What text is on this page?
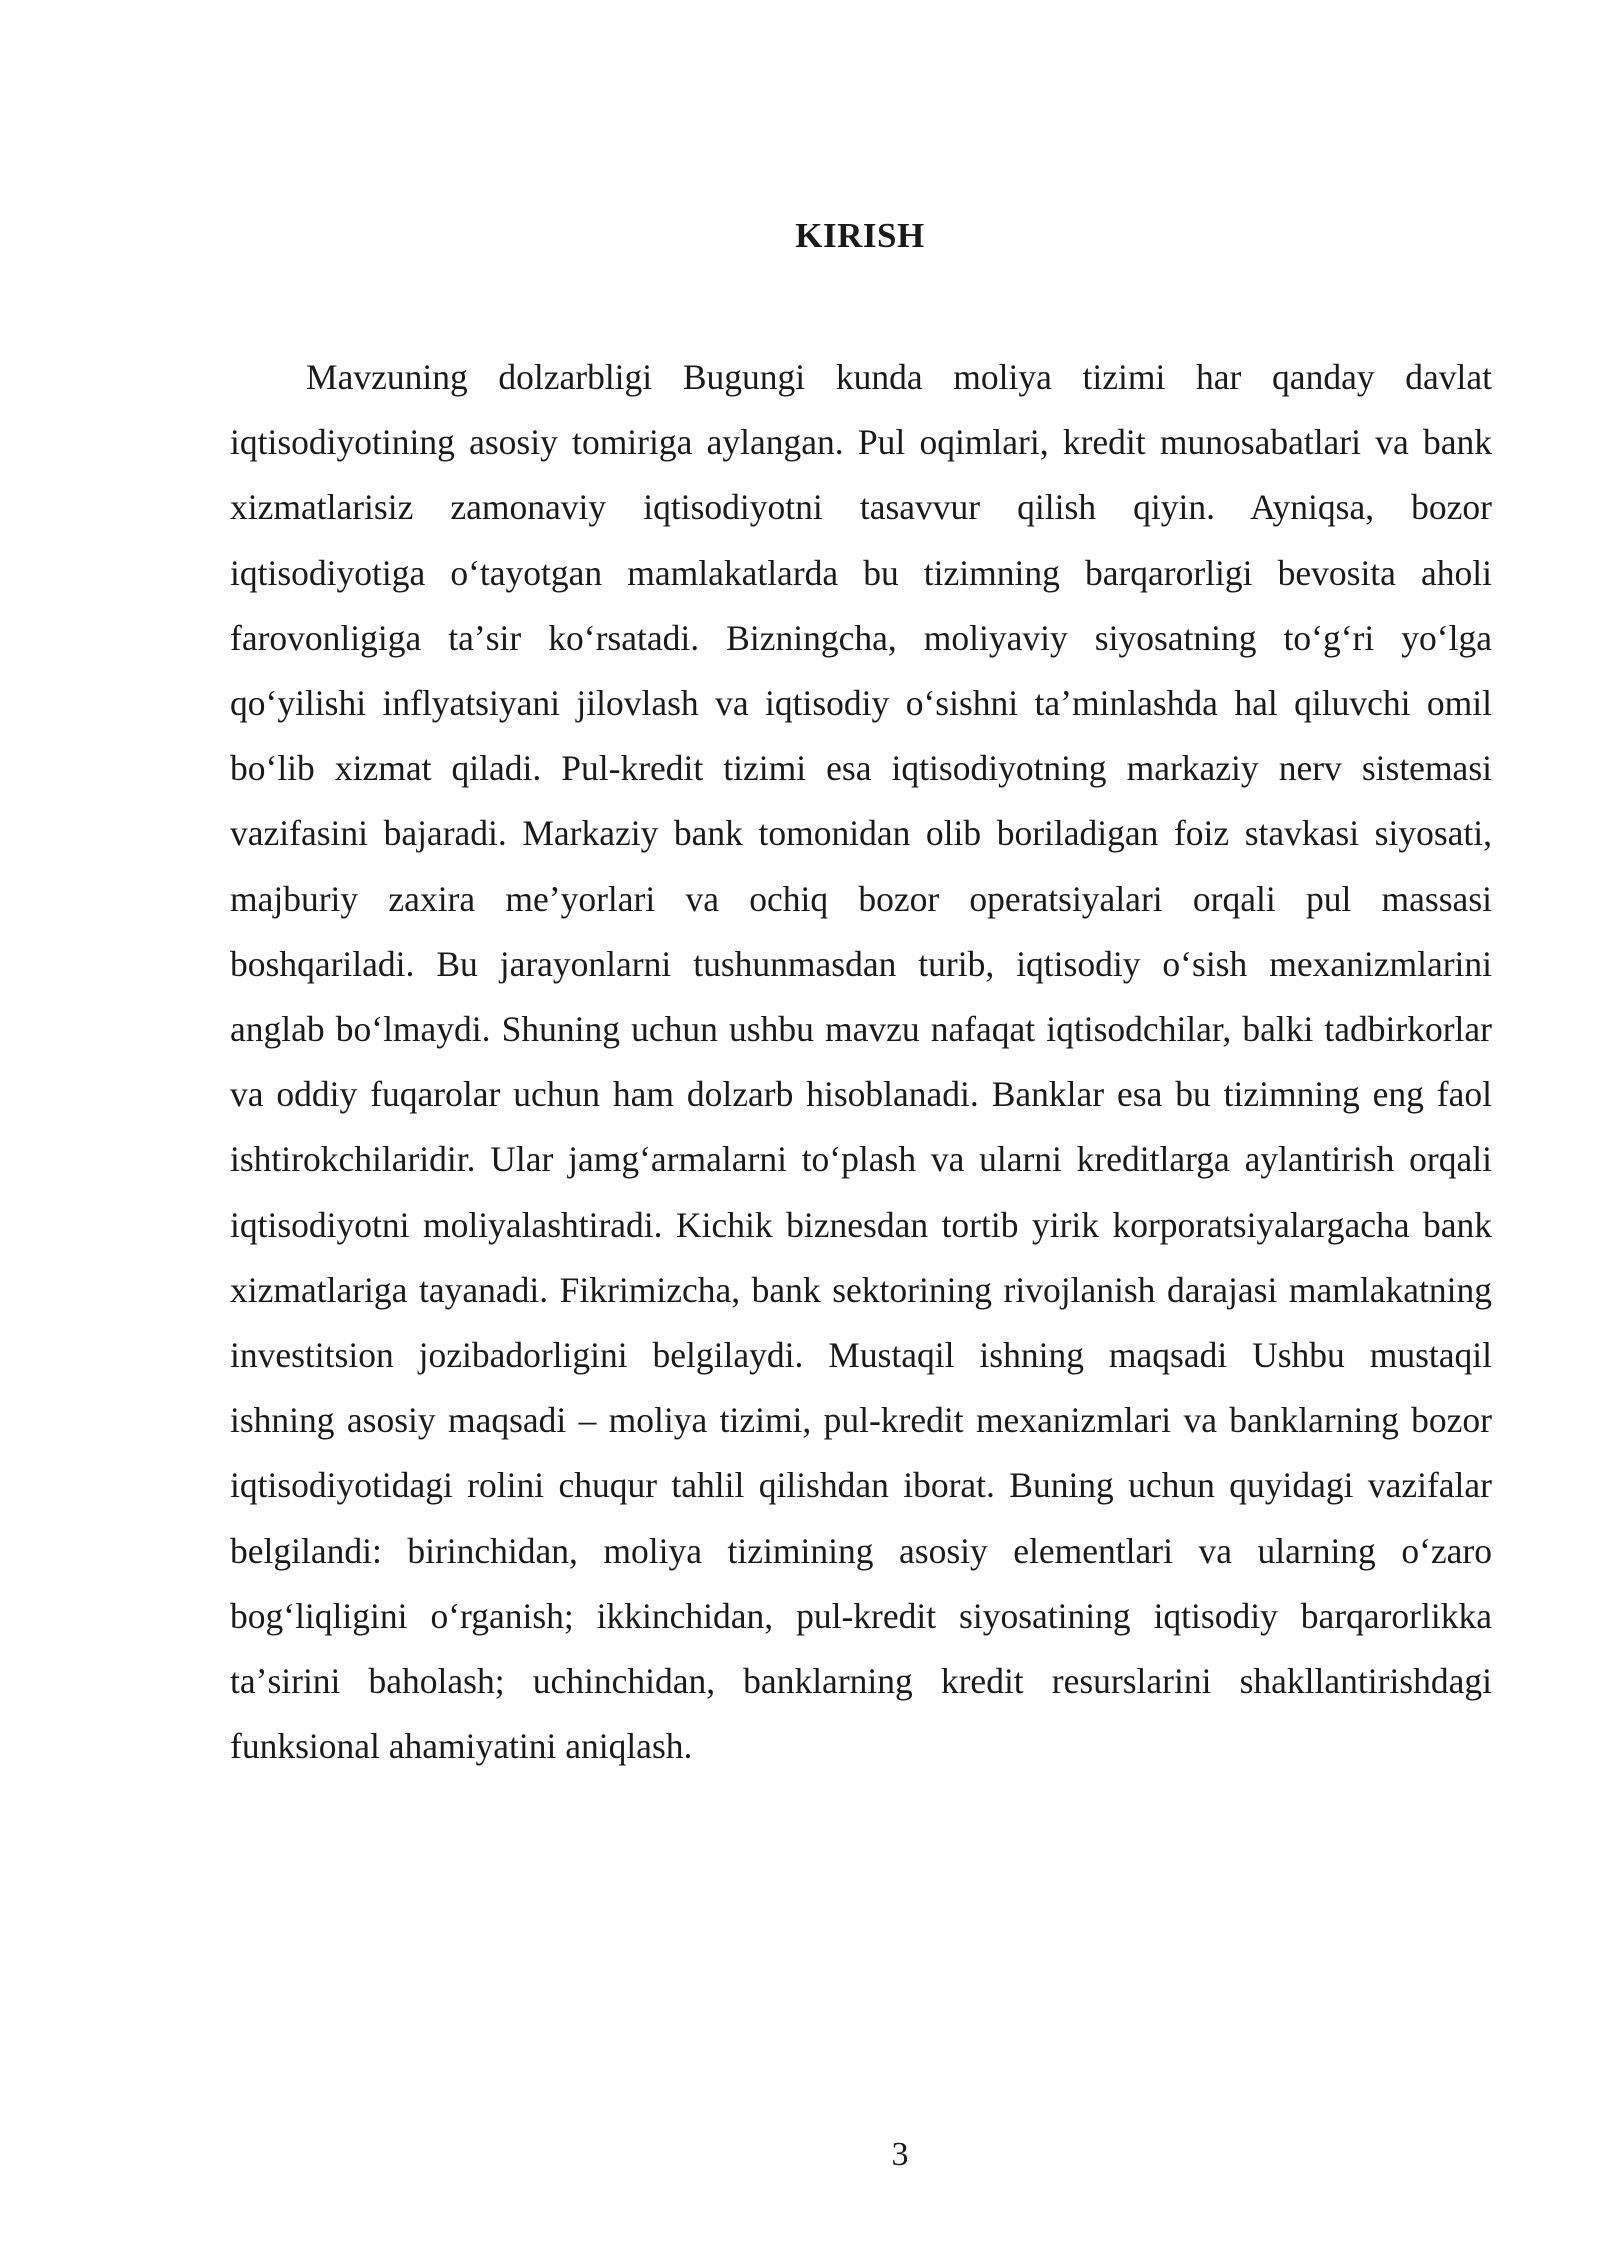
KIRISH

Mavzuning dolzarbligi Bugungi kunda moliya tizimi har qanday davlat iqtisodiyotining asosiy tomiriga aylangan. Pul oqimlari, kredit munosabatlari va bank xizmatlarisiz zamonaviy iqtisodiyotni tasavvur qilish qiyin. Ayniqsa, bozor iqtisodiyotiga oʻtayotgan mamlakatlarda bu tizimning barqarorligi bevosita aholi farovonligiga taʼsir koʻrsatadi. Bizningcha, moliyaviy siyosatning toʻgʻri yoʻlga qoʻyilishi inflyatsiyani jilovlash va iqtisodiy oʻsishni taʼminlashda hal qiluvchi omil boʻlib xizmat qiladi. Pul-kredit tizimi esa iqtisodiyotning markaziy nerv sistemasi vazifasini bajaradi. Markaziy bank tomonidan olib boriladigan foiz stavkasi siyosati, majburiy zaxira meʼyorlari va ochiq bozor operatsiyalari orqali pul massasi boshqariladi. Bu jarayonlarni tushunmasdan turib, iqtisodiy oʻsish mexanizmlarini anglab boʻlmaydi. Shuning uchun ushbu mavzu nafaqat iqtisodchilar, balki tadbirkorlar va oddiy fuqarolar uchun ham dolzarb hisoblanadi. Banklar esa bu tizimning eng faol ishtirokchilaridir. Ular jamgʻarmalarni toʻplash va ularni kreditlarga aylantirish orqali iqtisodiyotni moliyalashtiradi. Kichik biznesdan tortib yirik korporatsiyalargacha bank xizmatlariga tayanadi. Fikrimizcha, bank sektorining rivojlanish darajasi mamlakatning investitsion jozibadorligini belgilaydi. Mustaqil ishning maqsadi Ushbu mustaqil ishning asosiy maqsadi – moliya tizimi, pul-kredit mexanizmlari va banklarning bozor iqtisodiyotidagi rolini chuqur tahlil qilishdan iborat. Buning uchun quyidagi vazifalar belgilandi: birinchidan, moliya tizimining asosiy elementlari va ularning oʻzaro bogʻliqligini oʻrganish; ikkinchidan, pul-kredit siyosatining iqtisodiy barqarorlikka taʼsirini baholash; uchinchidan, banklarning kredit resurslarini shakllantirishdagi funksional ahamiyatini aniqlash.

3
